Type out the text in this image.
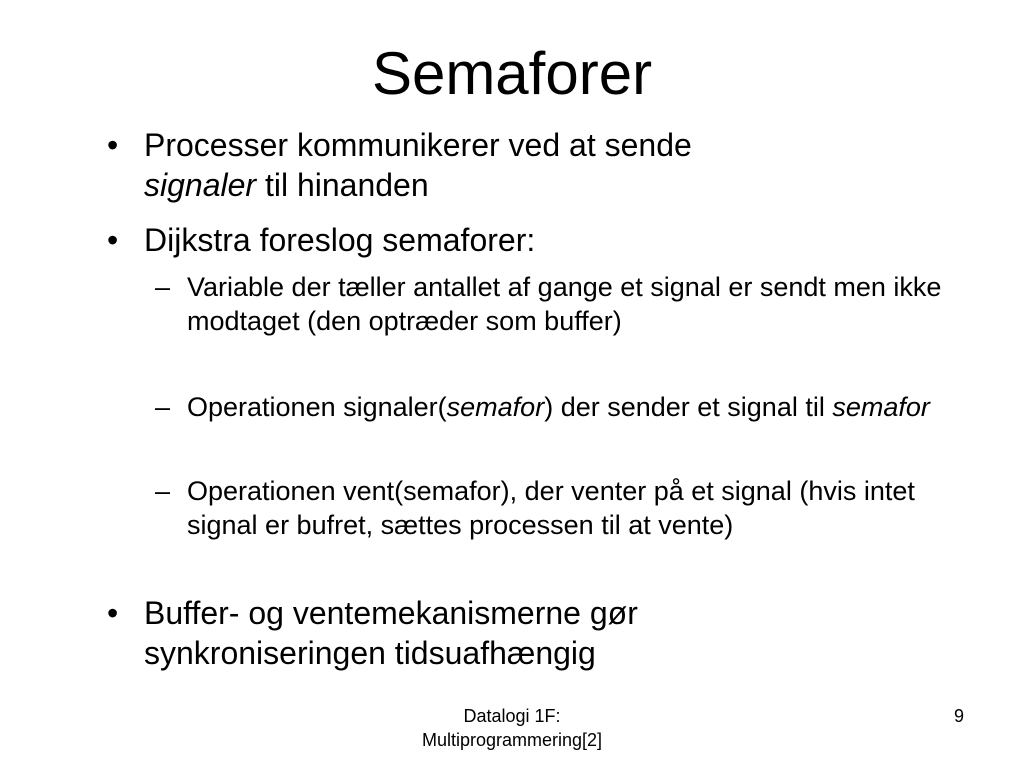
Semaforer
• Processer kommunikerer ved at sende
signaler til hinanden
• Dijkstra foreslog semaforer:
– Variable der tæller antallet af gange et signal er sendt men ikke modtaget (den optræder som buffer)
– Operationen signaler(semafor) der sender et signal til semafor
– Operationen vent(semafor), der venter på et signal (hvis intet signal er bufret, sættes processen til at vente)
• Buffer- og ventemekanismerne gør synkroniseringen tidsuafhængig
Datalogi 1F:
Multiprogrammering[2]
9
